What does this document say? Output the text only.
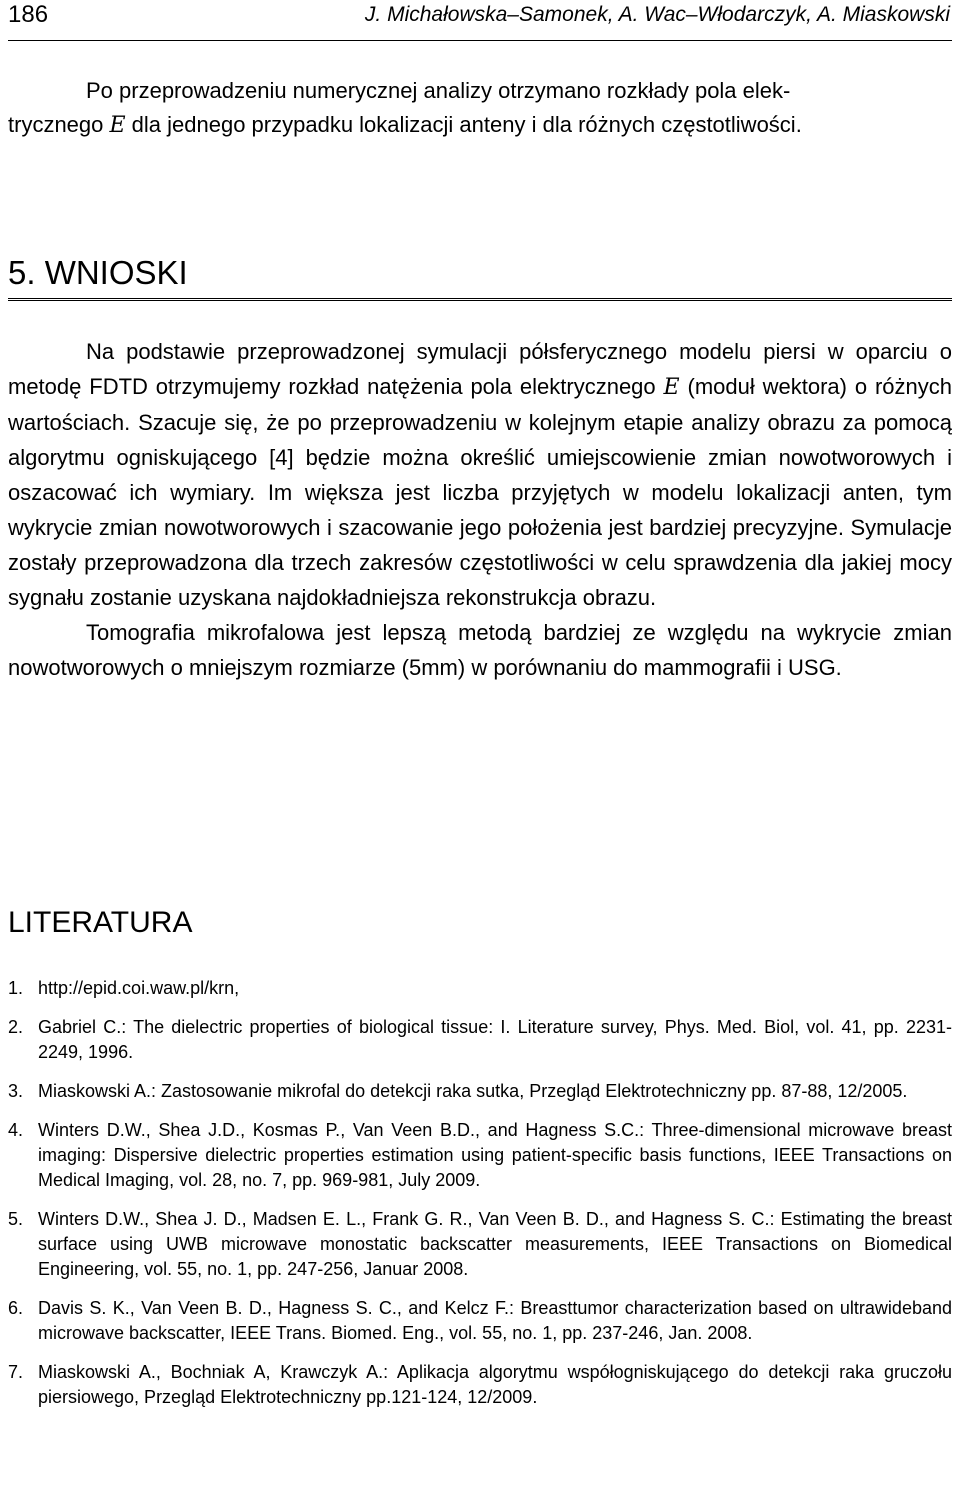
186	J. Michałowska–Samonek, A. Wac–Włodarczyk, A. Miaskowski

Po przeprowadzeniu numerycznej analizy otrzymano rozkłady pola elek-
trycznego E dla jednego przypadku lokalizacji anteny i dla różnych częstotliwości.

5. WNIOSKI

Na podstawie przeprowadzonej symulacji półsferycznego modelu piersi w oparciu o metodę FDTD otrzymujemy rozkład natężenia pola elektrycznego E (moduł wektora) o różnych wartościach. Szacuje się, że po przeprowadzeniu w kolejnym etapie analizy obrazu za pomocą algorytmu ogniskującego [4] będzie można określić umiejscowienie zmian nowotworowych i oszacować ich wymiary. Im większa jest liczba przyjętych w modelu lokalizacji anten, tym wykrycie zmian nowotworowych i szacowanie jego położenia jest bardziej precyzyjne. Symulacje zostały przeprowadzona dla trzech zakresów częstotliwości w celu sprawdzenia dla jakiej mocy sygnału zostanie uzyskana najdokładniejsza rekonstrukcja obrazu.

Tomografia mikrofalowa jest lepszą metodą bardziej ze względu na wykrycie zmian nowotworowych o mniejszym rozmiarze (5mm) w porównaniu do mammografii i USG.

LITERATURA
1. http://epid.coi.waw.pl/krn,
2. Gabriel C.: The dielectric properties of biological tissue: I. Literature survey, Phys. Med. Biol, vol. 41, pp. 2231-2249, 1996.
3. Miaskowski A.: Zastosowanie mikrofal do detekcji raka sutka, Przegląd Elektrotechniczny pp. 87-88, 12/2005.
4. Winters D.W., Shea J.D., Kosmas P., Van Veen B.D., and Hagness S.C.: Three-dimensional microwave breast imaging: Dispersive dielectric properties estimation using patient-specific basis functions, IEEE Transactions on Medical Imaging, vol. 28, no. 7, pp. 969-981, July 2009.
5. Winters D.W., Shea J. D., Madsen E. L., Frank G. R., Van Veen B. D., and Hagness S. C.: Estimating the breast surface using UWB microwave monostatic backscatter measurements, IEEE Transactions on Biomedical Engineering, vol. 55, no. 1, pp. 247-256, Januar 2008.
6. Davis S. K., Van Veen B. D., Hagness S. C., and Kelcz F.: Breasttumor characterization based on ultrawideband microwave backscatter, IEEE Trans. Biomed. Eng., vol. 55, no. 1, pp. 237-246, Jan. 2008.
7. Miaskowski A., Bochniak A, Krawczyk A.: Aplikacja algorytmu współogniskującego do detekcji raka gruczołu piersiowego, Przegląd Elektrotechniczny pp.121-124, 12/2009.
